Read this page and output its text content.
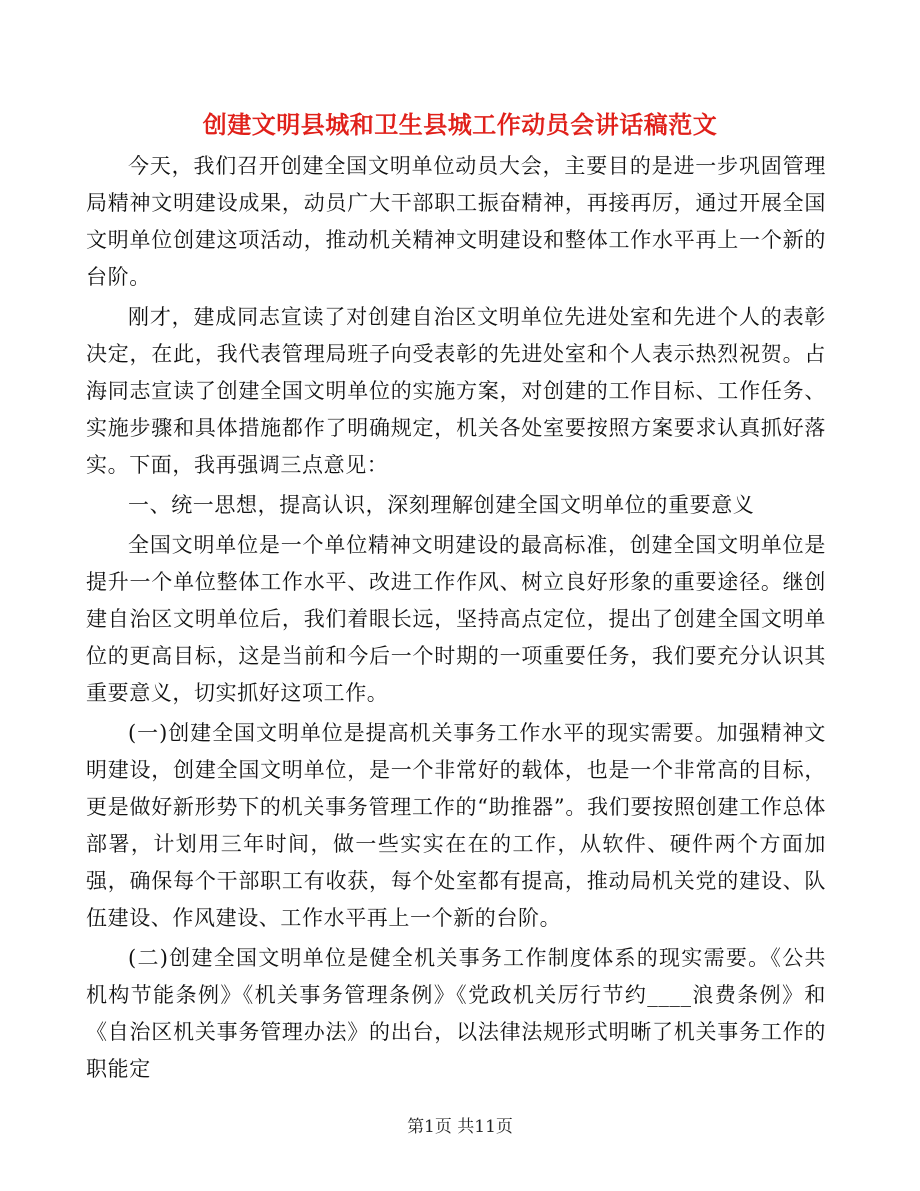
创建文明县城和卫生县城工作动员会讲话稿范文

今天，我们召开创建全国文明单位动员大会，主要目的是进一步巩固管理局精神文明建设成果，动员广大干部职工振奋精神，再接再厉，通过开展全国文明单位创建这项活动，推动机关精神文明建设和整体工作水平再上一个新的台阶。

刚才，建成同志宣读了对创建自治区文明单位先进处室和先进个人的表彰决定，在此，我代表管理局班子向受表彰的先进处室和个人表示热烈祝贺。占海同志宣读了创建全国文明单位的实施方案，对创建的工作目标、工作任务、实施步骤和具体措施都作了明确规定，机关各处室要按照方案要求认真抓好落实。下面，我再强调三点意见：

一、统一思想，提高认识，深刻理解创建全国文明单位的重要意义

全国文明单位是一个单位精神文明建设的最高标准，创建全国文明单位是提升一个单位整体工作水平、改进工作作风、树立良好形象的重要途径。继创建自治区文明单位后，我们着眼长远，坚持高点定位，提出了创建全国文明单位的更高目标，这是当前和今后一个时期的一项重要任务，我们要充分认识其重要意义，切实抓好这项工作。

(一)创建全国文明单位是提高机关事务工作水平的现实需要。加强精神文明建设，创建全国文明单位，是一个非常好的载体，也是一个非常高的目标，更是做好新形势下的机关事务管理工作的“助推器”。我们要按照创建工作总体部署，计划用三年时间，做一些实实在在的工作，从软件、硬件两个方面加强，确保每个干部职工有收获，每个处室都有提高，推动局机关党的建设、队伍建设、作风建设、工作水平再上一个新的台阶。

(二)创建全国文明单位是健全机关事务工作制度体系的现实需要。《公共机构节能条例》《机关事务管理条例》《党政机关厉行节约____浪费条例》和《自治区机关事务管理办法》的出台，以法律法规形式明晰了机关事务工作的职能定

第1页 共11页
